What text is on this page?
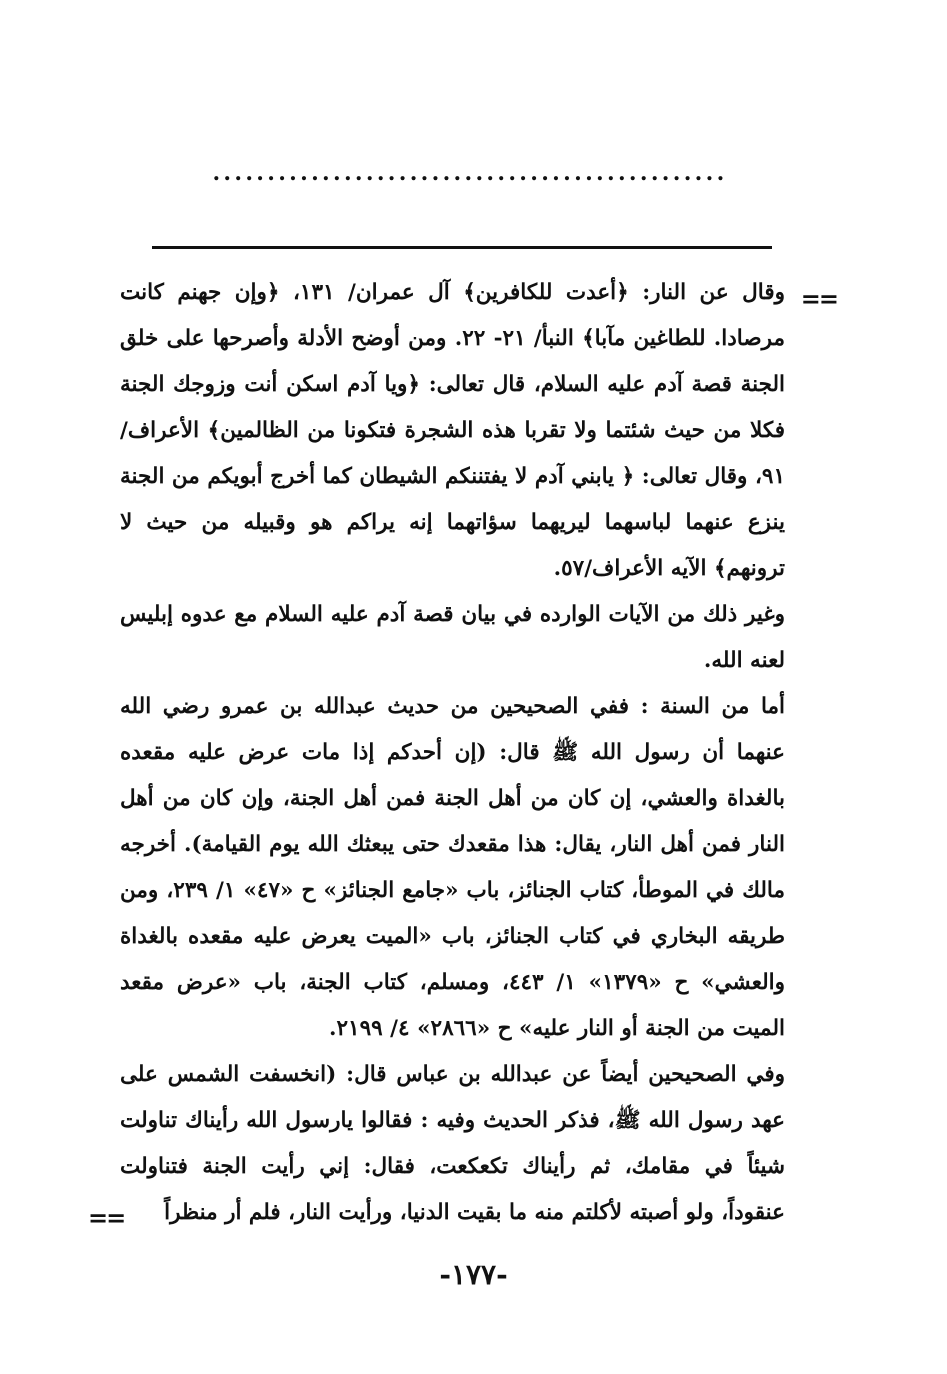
...............................................
==

وقال عن النار: ﴿أعدت للكافرين﴾ آل عمران/ ١٣١، ﴿وإن جهنم كانت مرصادا. للطاغين مآبا﴾ النبأ/ ٢١- ٢٢. ومن أوضح الأدلة وأصرحها على خلق الجنة قصة آدم عليه السلام، قال تعالى: ﴿ويا آدم اسكن أنت وزوجك الجنة فكلا من حيث شئتما ولا تقربا هذه الشجرة فتكونا من الظالمين﴾ الأعراف/٩١، وقال تعالى: ﴿ يابني آدم لا يفتننكم الشيطان كما أخرج أبويكم من الجنة ينزع عنهما لباسهما ليريهما سؤاتهما إنه يراكم هو وقبيله من حيث لا ترونهم﴾ الآيه الأعراف/٥٧.

وغير ذلك من الآيات الوارده في بيان قصة آدم عليه السلام مع عدوه إبليس لعنه الله.

أما من السنة : ففي الصحيحين من حديث عبدالله بن عمرو رضي الله عنهما أن رسول الله ﷺ قال: (إن أحدكم إذا مات عرض عليه مقعده بالغداة والعشي، إن كان من أهل الجنة فمن أهل الجنة، وإن كان من أهل النار فمن أهل النار، يقال: هذا مقعدك حتى يبعثك الله يوم القيامة). أخرجه مالك في الموطأ، كتاب الجنائز، باب «جامع الجنائز» ح «٤٧» ١/ ٢٣٩، ومن طريقه البخاري في كتاب الجنائز، باب «الميت يعرض عليه مقعده بالغداة والعشي» ح «١٣٧٩» ١/ ٤٤٣، ومسلم، كتاب الجنة، باب «عرض مقعد الميت من الجنة أو النار عليه» ح «٢٨٦٦» ٤/ ٢١٩٩.

وفي الصحيحين أيضاً عن عبدالله بن عباس قال: (انخسفت الشمس على عهد رسول الله ﷺ، فذكر الحديث وفيه : فقالوا يارسول الله رأيناك تناولت شيئاً في مقامك، ثم رأيناك تكعكعت، فقال: إني رأيت الجنة فتناولت عنقوداً، ولو أصبته لأكلتم منه ما بقيت الدنيا، ورأيت النار، فلم أر منظراً

==
-١٧٧-
